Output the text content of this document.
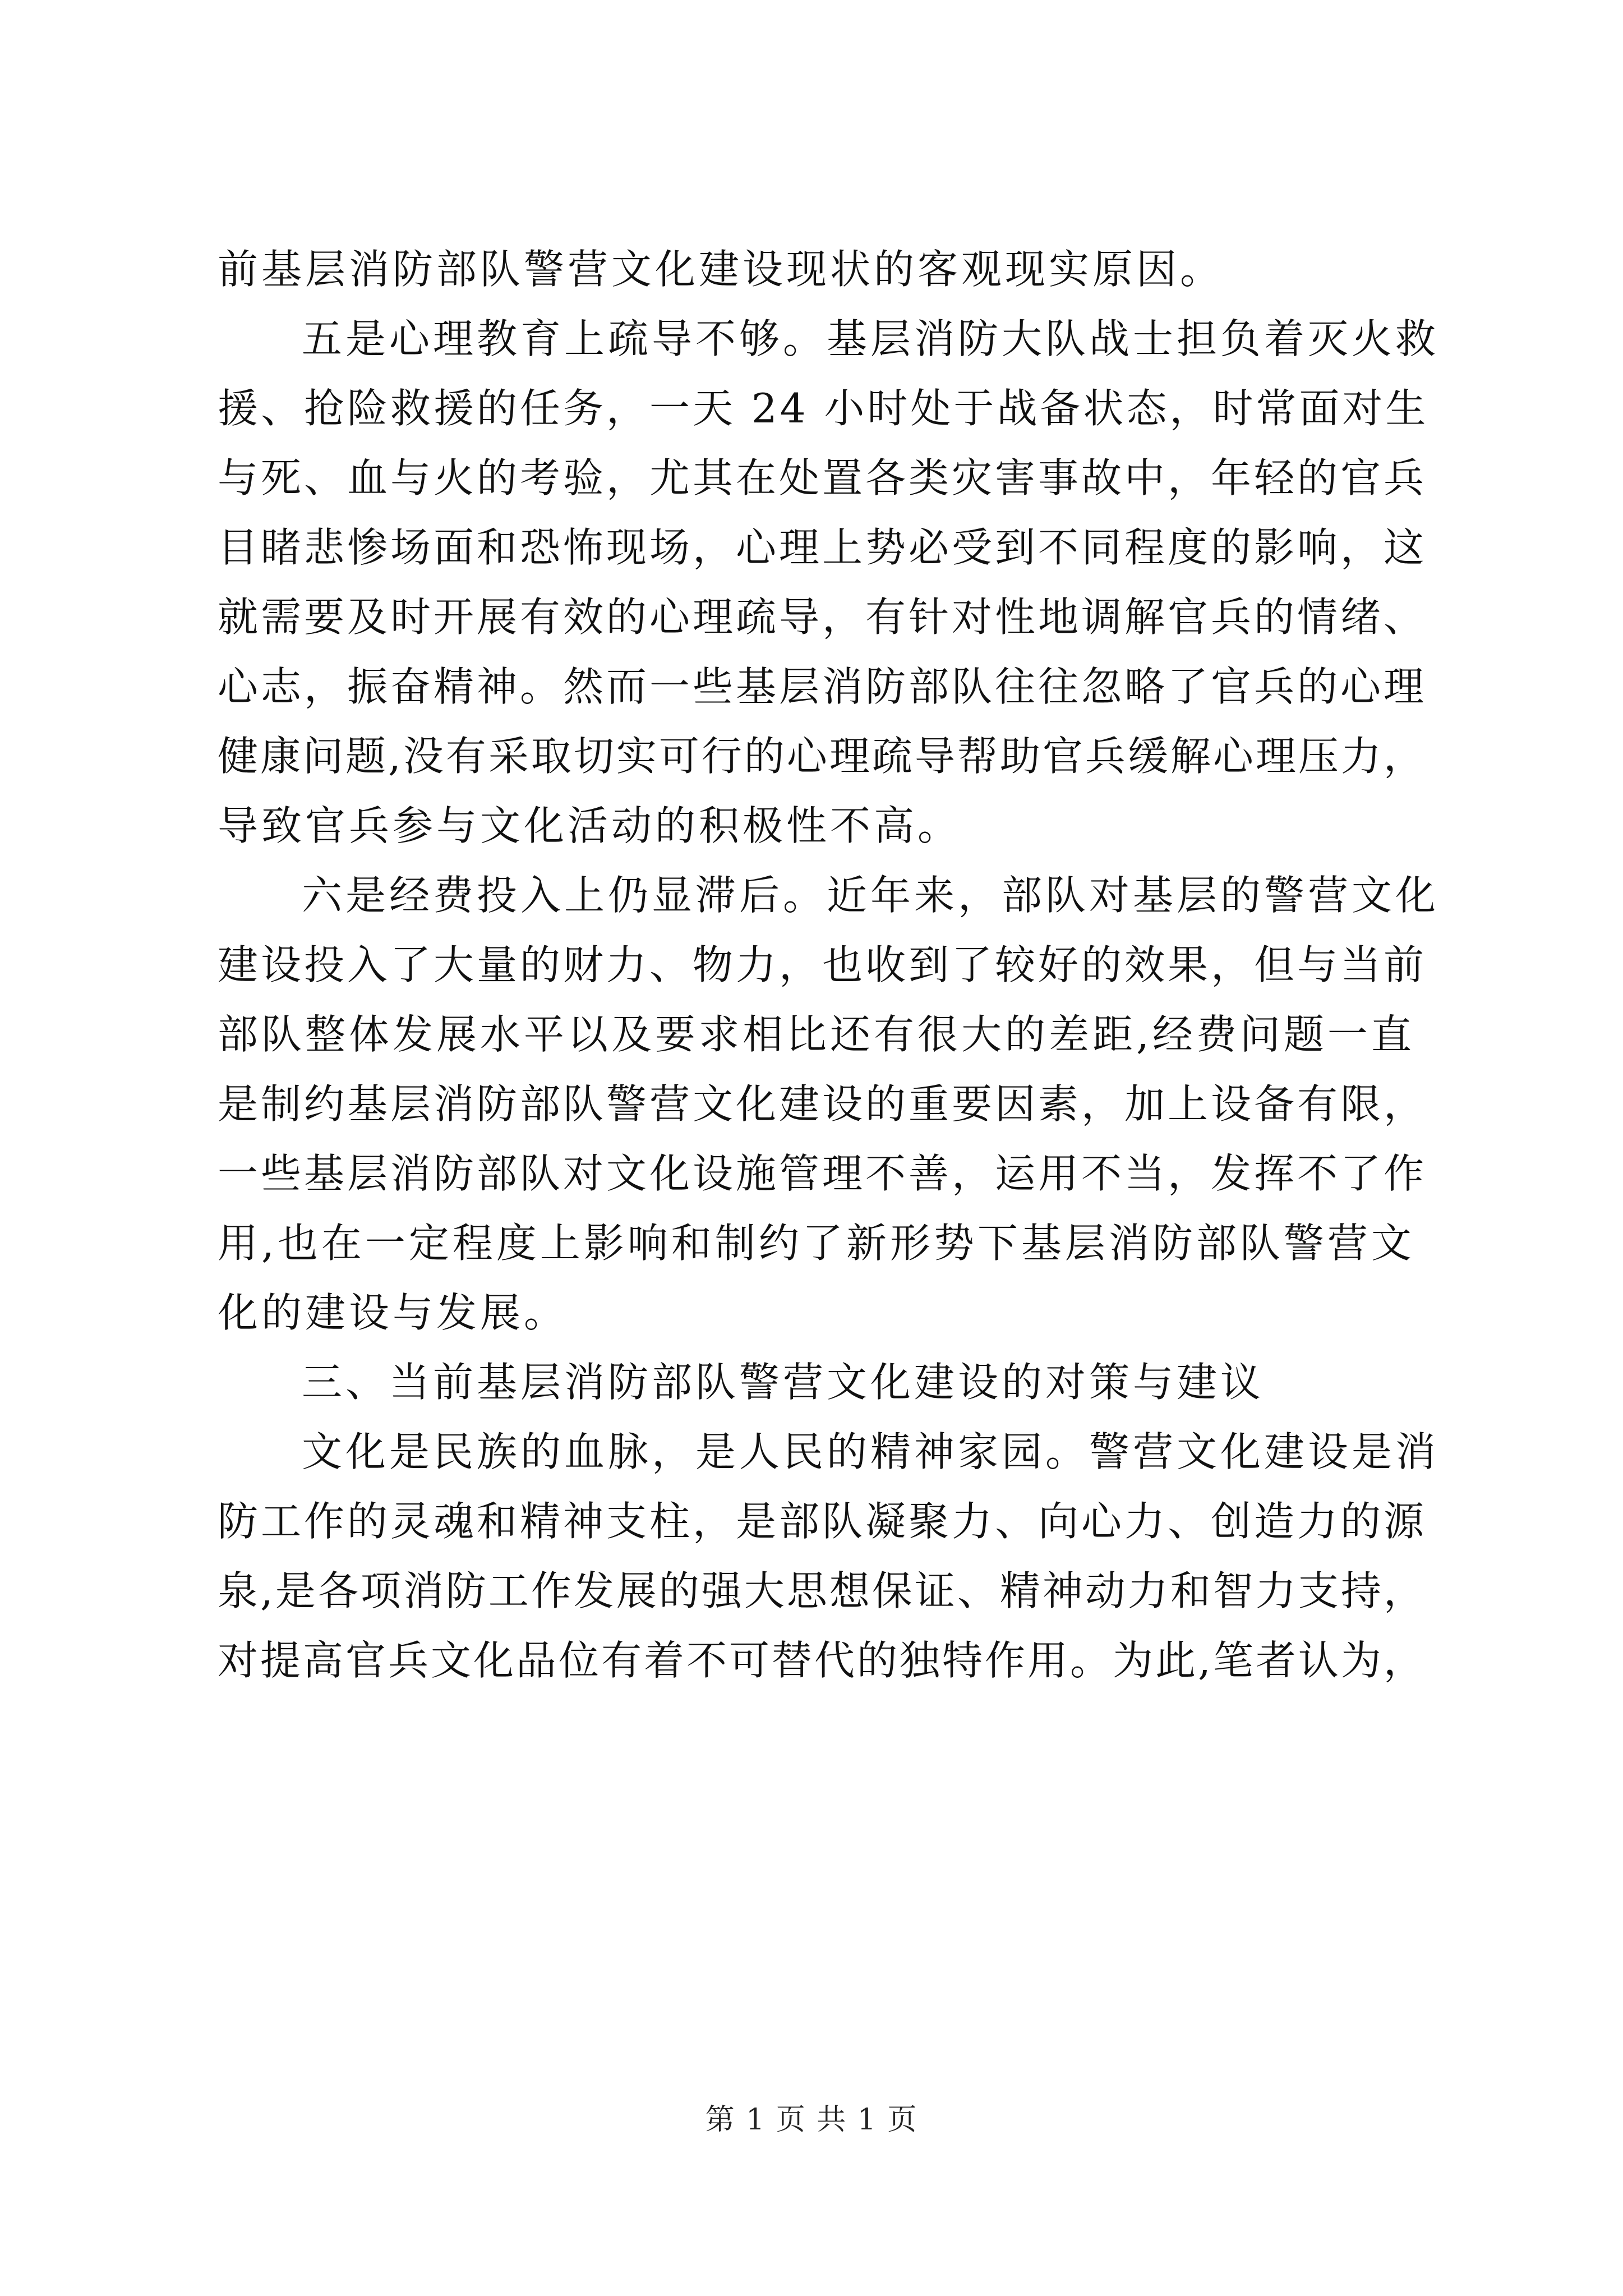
前基层消防部队警营文化建设现状的客观现实原因。
五是心理教育上疏导不够。基层消防大队战士担负着灭火救
援、抢险救援的任务，一天 24 小时处于战备状态，时常面对生
与死、血与火的考验，尤其在处置各类灾害事故中，年轻的官兵
目睹悲惨场面和恐怖现场，心理上势必受到不同程度的影响，这
就需要及时开展有效的心理疏导，有针对性地调解官兵的情绪、
心志，振奋精神。然而一些基层消防部队往往忽略了官兵的心理
健康问题,没有采取切实可行的心理疏导帮助官兵缓解心理压力，
导致官兵参与文化活动的积极性不高。
六是经费投入上仍显滞后。近年来，部队对基层的警营文化
建设投入了大量的财力、物力，也收到了较好的效果，但与当前
部队整体发展水平以及要求相比还有很大的差距,经费问题一直
是制约基层消防部队警营文化建设的重要因素，加上设备有限，
一些基层消防部队对文化设施管理不善，运用不当，发挥不了作
用,也在一定程度上影响和制约了新形势下基层消防部队警营文
化的建设与发展。
三、当前基层消防部队警营文化建设的对策与建议
文化是民族的血脉，是人民的精神家园。警营文化建设是消
防工作的灵魂和精神支柱，是部队凝聚力、向心力、创造力的源
泉,是各项消防工作发展的强大思想保证、精神动力和智力支持，
对提高官兵文化品位有着不可替代的独特作用。为此,笔者认为，
第 1 页 共 1 页
